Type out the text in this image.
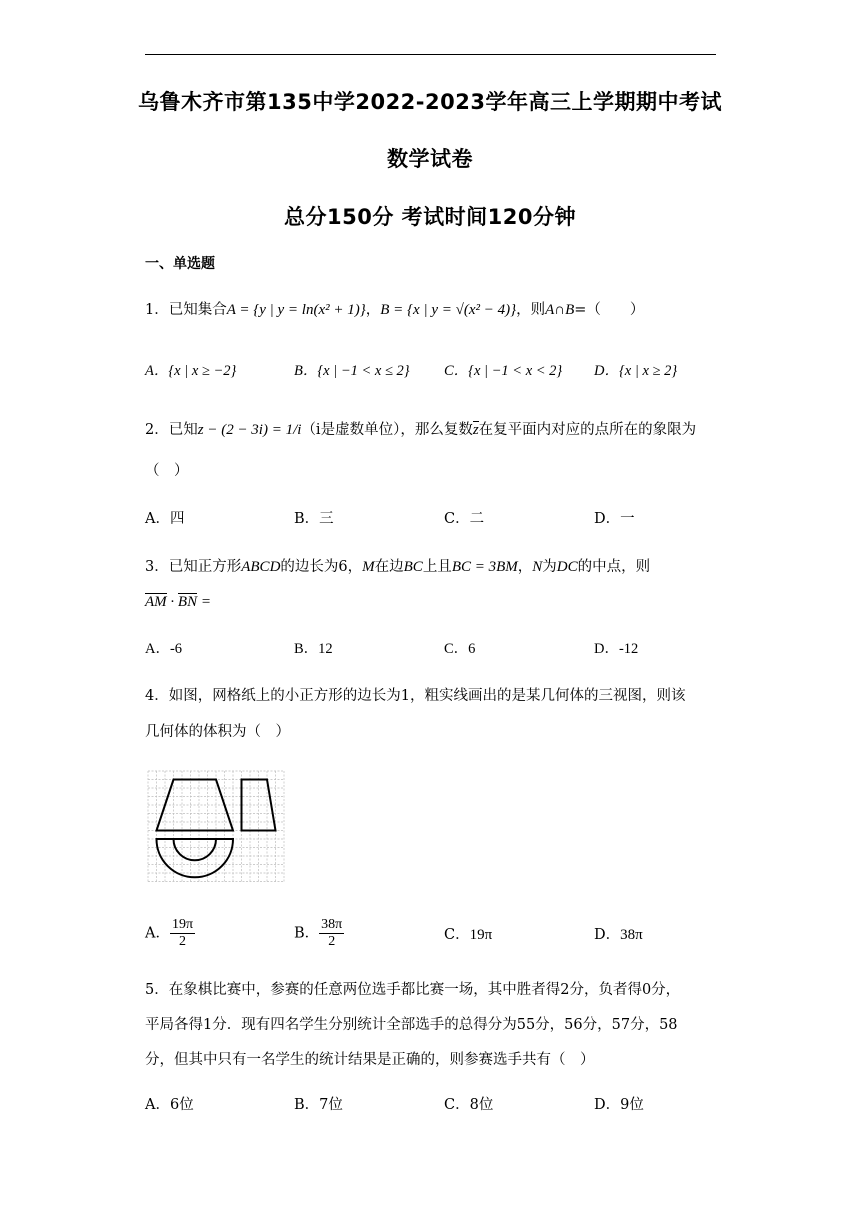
乌鲁木齐市第135中学2022-2023学年高三上学期期中考试
数学试卷
总分150分 考试时间120分钟
一、单选题
1．已知集合A = {y | y = ln(x² + 1)}，B = {x | y = √(x² − 4)}，则A∩B=（　　）
A．{x | x ≥ −2}	B．{x | −1 < x ≤ 2} C．{x | −1 < x < 2} D．{x | x ≥ 2}
2．已知z − (2 − 3i) = 1/i（i是虚数单位），那么复数z在复平面内对应的点所在的象限为
（　）
A．四	B．三	C．二	D．一
3．已知正方形ABCD的边长为6，M在边BC上且BC = 3BM，N为DC的中点，则
AM · BN =
A．-6	B．12	C．6	D．-12
4．如图，网格纸上的小正方形的边长为1，粗实线画出的是某几何体的三视图，则该
几何体的体积为（　）
A． $\frac{19\pi}{2}$	B． $\frac{38\pi}{2}$	C．19π	D．38π
5．在象棋比赛中，参赛的任意两位选手都比赛一场，其中胜者得2分，负者得0分，
平局各得1分．现有四名学生分别统计全部选手的总得分为55分，56分，57分，58
分，但其中只有一名学生的统计结果是正确的，则参赛选手共有（　）
A．6位	B．7位	C．8位	D．9位
